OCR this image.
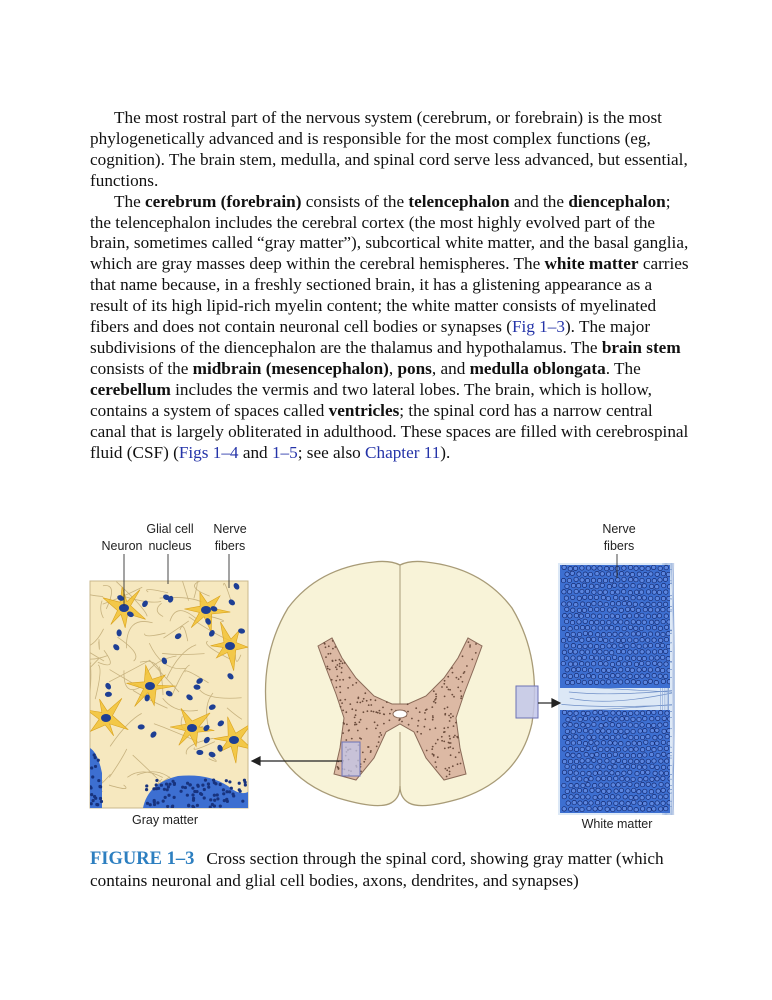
The most rostral part of the nervous system (cerebrum, or forebrain) is the most phylogenetically advanced and is responsible for the most complex functions (eg, cognition). The brain stem, medulla, and spinal cord serve less advanced, but essential, functions.

The cerebrum (forebrain) consists of the telencephalon and the diencephalon; the telencephalon includes the cerebral cortex (the most highly evolved part of the brain, sometimes called “gray matter”), subcortical white matter, and the basal ganglia, which are gray masses deep within the cerebral hemispheres. The white matter carries that name because, in a freshly sectioned brain, it has a glistening appearance as a result of its high lipid-rich myelin content; the white matter consists of myelinated fibers and does not contain neuronal cell bodies or synapses (Fig 1–3). The major subdivisions of the diencephalon are the thalamus and hypothalamus. The brain stem consists of the midbrain (mesencephalon), pons, and medulla oblongata. The cerebellum includes the vermis and two lateral lobes. The brain, which is hollow, contains a system of spaces called ventricles; the spinal cord has a narrow central canal that is largely obliterated in adulthood. These spaces are filled with cerebrospinal fluid (CSF) (Figs 1–4 and 1–5; see also Chapter 11).

Glial cell
nucleus
Neuron
Nerve
fibers
Nerve
fibers
Gray matter	White matter
FIGURE 1–3 Cross section through the spinal cord, showing gray matter (which contains neuronal and glial cell bodies, axons, dendrites, and synapses)
